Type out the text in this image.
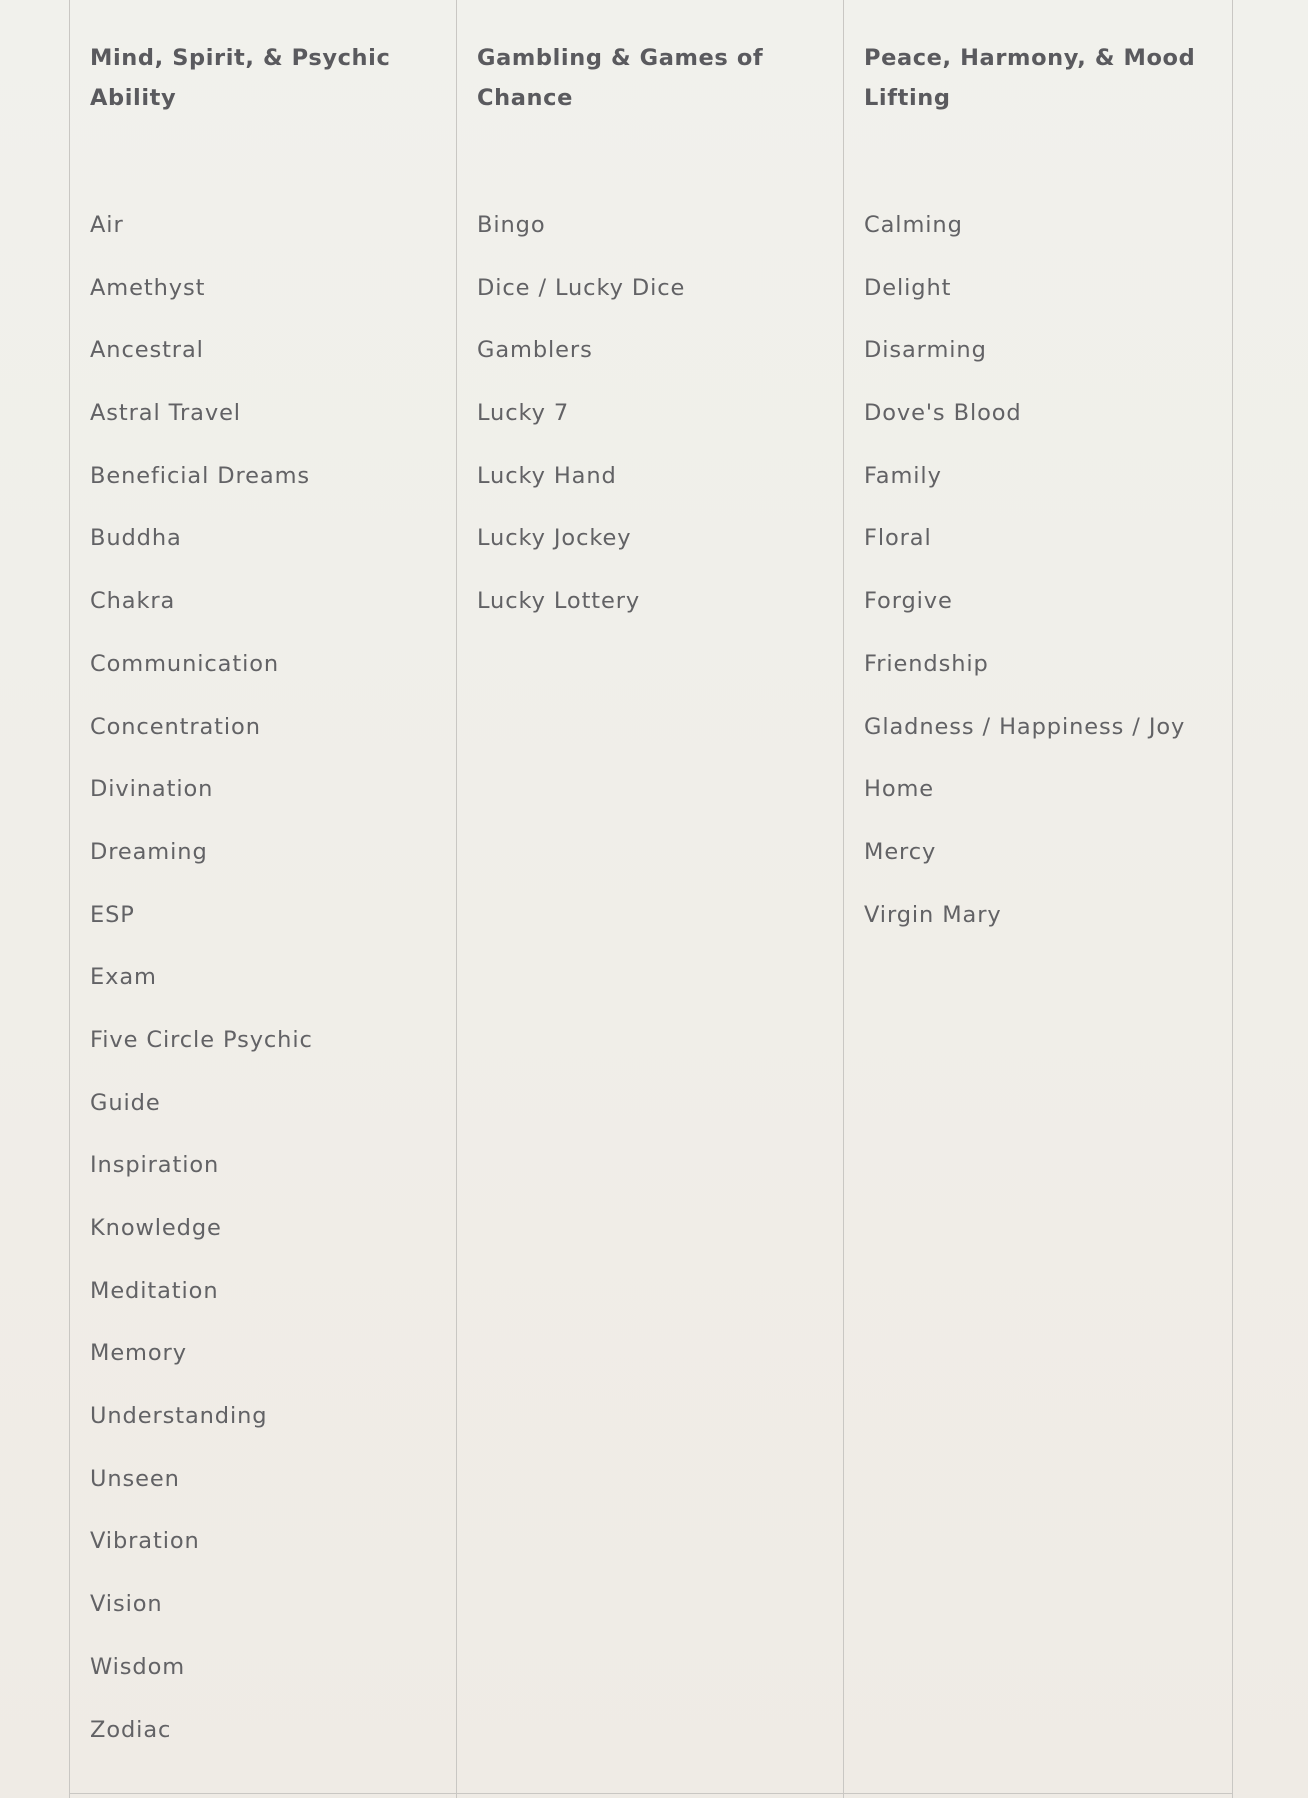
Mind, Spirit, & Psychic Ability
Air
Amethyst
Ancestral
Astral Travel
Beneficial Dreams
Buddha
Chakra
Communication
Concentration
Divination
Dreaming
ESP
Exam
Five Circle Psychic
Guide
Inspiration
Knowledge
Meditation
Memory
Understanding
Unseen
Vibration
Vision
Wisdom
Zodiac
Gambling & Games of Chance
Bingo
Dice / Lucky Dice
Gamblers
Lucky 7
Lucky Hand
Lucky Jockey
Lucky Lottery
Peace, Harmony, & Mood Lifting
Calming
Delight
Disarming
Dove's Blood
Family
Floral
Forgive
Friendship
Gladness / Happiness / Joy
Home
Mercy
Virgin Mary
